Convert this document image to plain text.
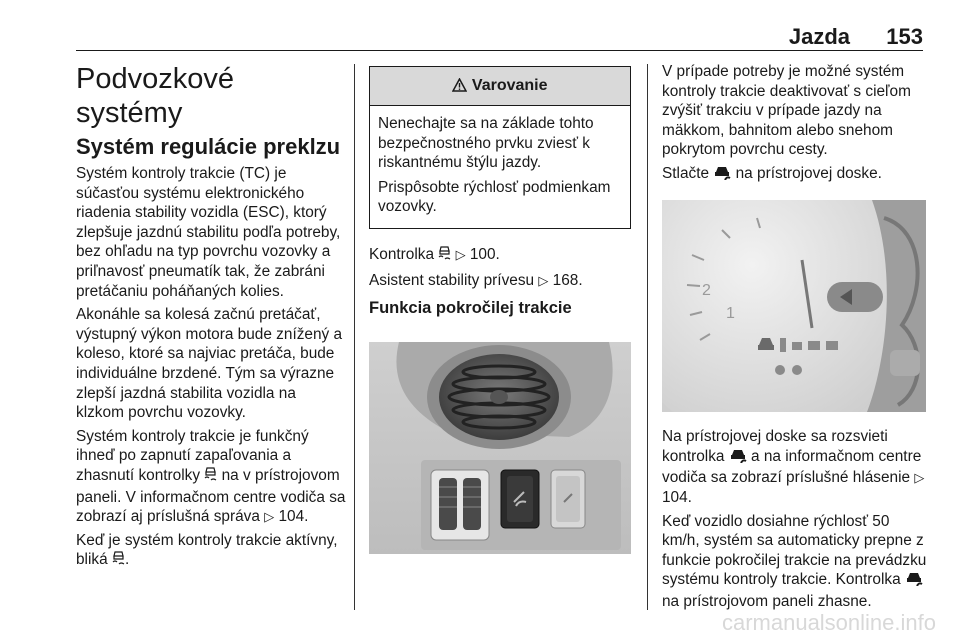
Jazda 153
Podvozkové systémy
Systém regulácie preklzu

Systém kontroly trakcie (TC) je súčasťou systému elektronického riadenia stability vozidla (ESC), ktorý zlepšuje jazdnú stabilitu podľa potreby, bez ohľadu na typ povrchu vozovky a priľnavosť pneumatík tak, že zabráni pretáčaniu poháňaných kolies.

Akonáhle sa kolesá začnú pretáčať, výstupný výkon motora bude znížený a koleso, ktoré sa najviac pretáča, bude individuálne brzdené. Tým sa výrazne zlepší jazdná stabilita vozidla na klzkom povrchu vozovky.

Systém kontroly trakcie je funkčný ihneď po zapnutí zapaľovania a zhasnutí kontrolky na v prístrojovom paneli. V informačnom centre vodiča sa zobrazí aj príslušná správa ▷ 104.

Keď je systém kontroly trakcie aktívny, bliká .

Varovanie

Nenechajte sa na základe tohto bezpečnostného prvku zviesť k riskantnému štýlu jazdy.

Prispôsobte rýchlosť podmienkam vozovky.

Kontrolka ▷ 100.

Asistent stability prívesu ▷ 168.

Funkcia pokročilej trakcie

V prípade potreby je možné systém kontroly trakcie deaktivovať s cieľom zvýšiť trakciu v prípade jazdy na mäkkom, bahnitom alebo snehom pokrytom povrchu cesty.

Stlačte na prístrojovej doske.

2
1

Na prístrojovej doske sa rozsvieti kontrolka a na informačnom centre vodiča sa zobrazí príslušné hlásenie ▷ 104.

Keď vozidlo dosiahne rýchlosť 50 km/h, systém sa automaticky prepne z funkcie pokročilej trakcie na prevádzku systému kontroly trakcie. Kontrolka  na prístrojovom paneli zhasne.

carmanualsonline.info
